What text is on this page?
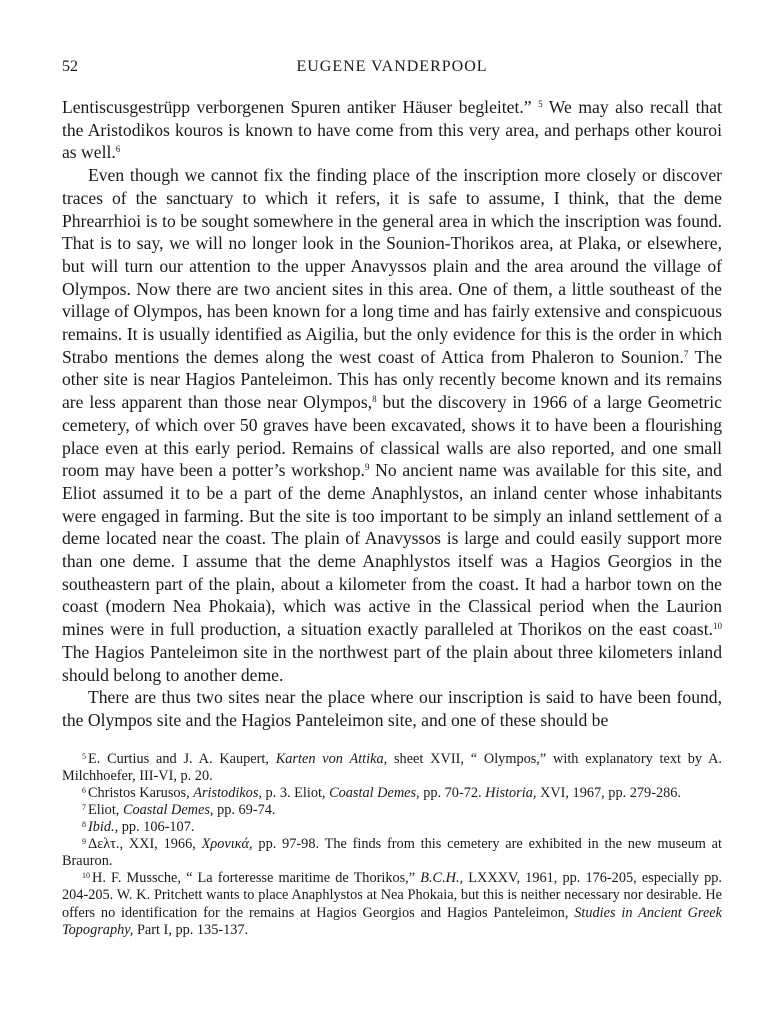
52	EUGENE VANDERPOOL

Lentiscusgestrüpp verborgenen Spuren antiker Häuser begleitet.” $^5$ We may also recall that the Aristodikos kouros is known to have come from this very area, and perhaps other kouroi as well.$^6$

Even though we cannot fix the finding place of the inscription more closely or discover traces of the sanctuary to which it refers, it is safe to assume, I think, that the deme Phrearrhioi is to be sought somewhere in the general area in which the inscription was found. That is to say, we will no longer look in the Sounion-Thorikos area, at Plaka, or elsewhere, but will turn our attention to the upper Anavyssos plain and the area around the village of Olympos. Now there are two ancient sites in this area. One of them, a little southeast of the village of Olympos, has been known for a long time and has fairly extensive and conspicuous remains. It is usually identified as Aigilia, but the only evidence for this is the order in which Strabo mentions the demes along the west coast of Attica from Phaleron to Sounion.$^7$ The other site is near Hagios Panteleimon. This has only recently become known and its remains are less apparent than those near Olympos,$^8$ but the discovery in 1966 of a large Geometric cemetery, of which over 50 graves have been excavated, shows it to have been a flourishing place even at this early period. Remains of classical walls are also reported, and one small room may have been a potter’s workshop.$^9$ No ancient name was available for this site, and Eliot assumed it to be a part of the deme Anaphlystos, an inland center whose inhabitants were engaged in farming. But the site is too important to be simply an inland settlement of a deme located near the coast. The plain of Anavyssos is large and could easily support more than one deme. I assume that the deme Anaphlystos itself was a Hagios Georgios in the southeastern part of the plain, about a kilometer from the coast. It had a harbor town on the coast (modern Nea Phokaia), which was active in the Classical period when the Laurion mines were in full production, a situation exactly paralleled at Thorikos on the east coast.$^{10}$ The Hagios Panteleimon site in the northwest part of the plain about three kilometers inland should belong to another deme.

There are thus two sites near the place where our inscription is said to have been found, the Olympos site and the Hagios Panteleimon site, and one of these should be

$^5$ E. Curtius and J. A. Kaupert, Karten von Attika, sheet XVII, “ Olympos,” with explanatory text by A. Milchhoefer, III-VI, p. 20.

$^6$ Christos Karusos, Aristodikos, p. 3. Eliot, Coastal Demes, pp. 70-72. Historia, XVI, 1967, pp. 279-286.

$^7$ Eliot, Coastal Demes, pp. 69-74.

$^8$ Ibid., pp. 106-107.

$^9$ Δελτ., XXI, 1966, Χρονικά, pp. 97-98. The finds from this cemetery are exhibited in the new museum at Brauron.

$^{10}$ H. F. Mussche, “ La forteresse maritime de Thorikos,” B.C.H., LXXXV, 1961, pp. 176-205, especially pp. 204-205. W. K. Pritchett wants to place Anaphlystos at Nea Phokaia, but this is neither necessary nor desirable. He offers no identification for the remains at Hagios Georgios and Hagios Panteleimon, Studies in Ancient Greek Topography, Part I, pp. 135-137.
